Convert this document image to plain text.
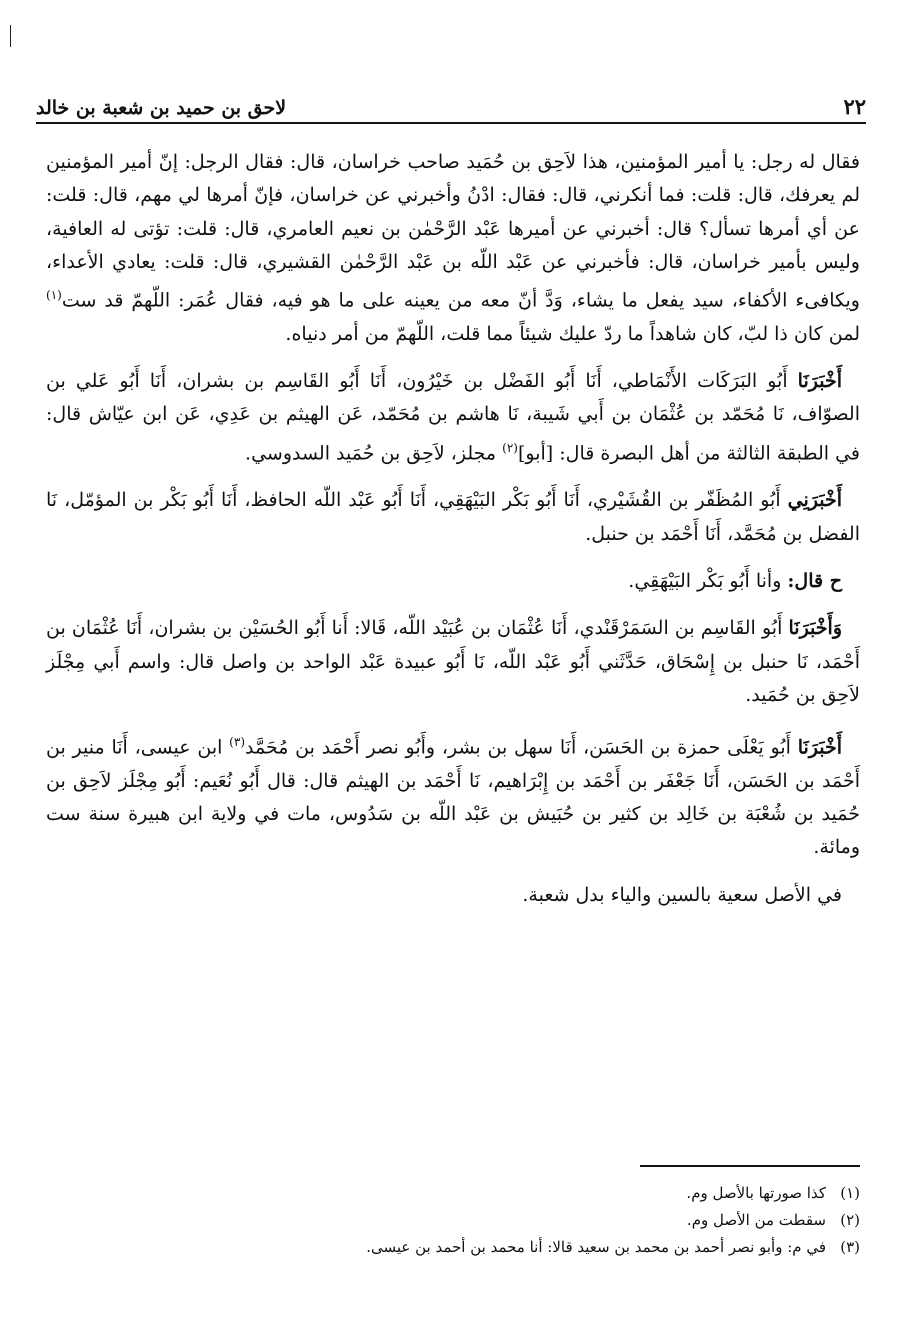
٢٢
لاحق بن حميد بن شعبة بن خالد

فقال له رجل: يا أمير المؤمنين، هذا لاَحِق بن حُمَيد صاحب خراسان، قال: فقال الرجل: إنّ أمير المؤمنين لم يعرفك، قال: قلت: فما أنكرني، قال: فقال: ادْنُ وأخبرني عن خراسان، فإنّ أمرها لي مهم، قال: قلت: عن أي أمرها تسأل؟ قال: أخبرني عن أميرها عَبْد الرَّحْمٰن بن نعيم العامري، قال: قلت: تؤتى له العافية، وليس بأمير خراسان، قال: فأخبرني عن عَبْد اللّه بن عَبْد الرَّحْمٰن القشيري، قال: قلت: يعادي الأعداء، ويكافىء الأكفاء، سيد يفعل ما يشاء، وَدَّ أنّ معه من يعينه على ما هو فيه، فقال عُمَر: اللّهمّ قد ست$^{(١)}$ لمن كان ذا لبّ، كان شاهداً ما ردّ عليك شيئاً مما قلت، اللّهمّ من أمر دنياه.

أَخْبَرَنَا أَبُو البَرَكَات الأَنْمَاطي، أَنَا أَبُو الفَضْل بن خَيْرُون، أَنَا أَبُو القَاسِم بن بشران، أَنَا أَبُو عَلي بن الصوّاف، نَا مُحَمّد بن عُثْمَان بن أَبي شَيبة، نَا هاشم بن مُحَمّد، عَن الهيثم بن عَدِي، عَن ابن عيّاش قال: في الطبقة الثالثة من أهل البصرة قال: [أبو]$^{(٢)}$ مجلز، لاَحِق بن حُمَيد السدوسي.

أَخْبَرَنِي أَبُو المُظَفّر بن القُشَيْري، أَنَا أَبُو بَكْر البَيْهَقِي، أَنَا أَبُو عَبْد اللّه الحافظ، أَنَا أَبُو بَكْر بن المؤمّل، نَا الفضل بن مُحَمَّد، أَنَا أَحْمَد بن حنبل.

ح قال: وأنا أَبُو بَكْر البَيْهَقِي.

وَأَخْبَرَنَا أَبُو القَاسِم بن السَمَرْقَنْدي، أَنَا عُثْمَان بن عُبَيْد اللّه، قَالا: أَنا أَبُو الحُسَيْن بن بشران، أَنَا عُثْمَان بن أَحْمَد، نَا حنبل بن إِسْحَاق، حَدَّثَني أَبُو عَبْد اللّه، نَا أَبُو عبيدة عَبْد الواحد بن واصل قال: واسم أَبي مِجْلَز لاَحِق بن حُمَيد.

أَخْبَرَنَا أَبُو يَعْلَى حمزة بن الحَسَن، أَنَا سهل بن بشر، وأَبُو نصر أَحْمَد بن مُحَمَّد$^{(٣)}$ ابن عيسى، أَنَا منير بن أَحْمَد بن الحَسَن، أَنَا جَعْفَر بن أَحْمَد بن إِبْرَاهيم، نَا أَحْمَد بن الهيثم قال: قال أَبُو نُعَيم: أَبُو مِجْلَز لاَحِق بن حُمَيد بن شُعْبَة بن خَالِد بن كثير بن حُبَيش بن عَبْد اللّه بن سَدُوس، مات في ولاية ابن هبيرة سنة ست ومائة.

في الأصل سعية بالسين والياء بدل شعبة.

(١)كذا صورتها بالأصل وم.
(٢)سقطت من الأصل وم.
(٣)في م: وأبو نصر أحمد بن محمد بن سعيد قالا: أنا محمد بن أحمد بن عيسى.
